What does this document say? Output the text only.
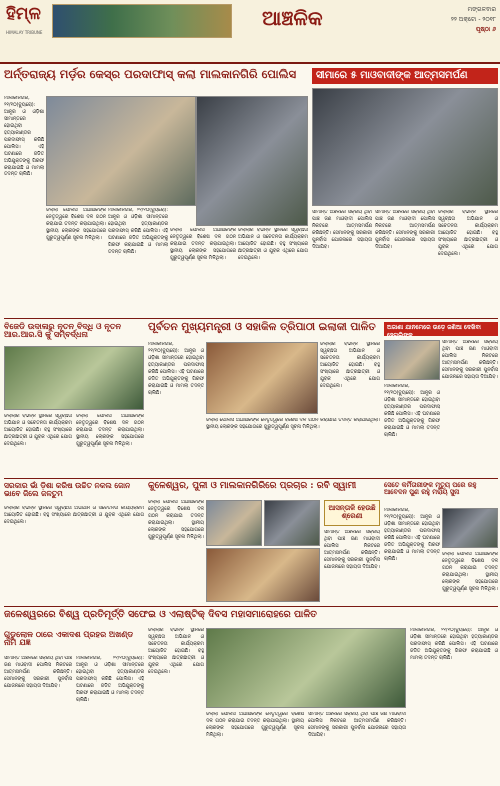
ହିମ୍ଳ
HIMALAY TRIBUNE
ଆଞ୍ଚଳିକ	ମଙ୍ଗଳବାର
୨୨ ଅକ୍ଟୋ - ୨୦୧୮
ପୃଷ୍ଠା ୬
ଅର୍ନ୍ତରାଜ୍ୟ ମର୍ଡ଼ର କେସ୍‌ର ପରଦାଫାସ୍ କଲା ମାଲକାନଗିରି ପୋଲିସ
ମାଲକାନଗିରି, ୨୧/୧୦(ବ୍ୟୁରୋ): ଆନ୍ଧ୍ର ଓ ଓଡ଼ିଶା ସୀମାନ୍ତରେ ହୋଇଥିବା ହତ୍ୟାକାଣ୍ଡର ପରଦାଫାସ୍ କରିଛି ପୋଲିସ। ଏହି ଘଟଣାରେ ଜଡିତ ଅଭିଯୁକ୍ତଙ୍କୁ ଗିରଫ କରାଯାଇଛି ଓ ମାମଲା ତଦନ୍ତ ଚାଲିଛି।
ଜିଲ୍ଲା ପୋଲିସ ଅଧୀକ୍ଷକଙ୍କ ନେତୃତ୍ୱରେ ବିଶେଷ ଦଳ ଗଠନ କରାଯାଇ ତଦନ୍ତ କରାଯାଇଥିଲା। ସ୍ଥାନୀୟ ଲୋକଙ୍କ ସହଯୋଗରେ ଗୁରୁତ୍ୱପୂର୍ଣ୍ଣ ସୂଚନା ମିଳିଥିଲା।
ମାଲକାନଗିରି, ୨୧/୧୦(ବ୍ୟୁରୋ): ଆନ୍ଧ୍ର ଓ ଓଡ଼ିଶା ସୀମାନ୍ତରେ ହୋଇଥିବା ହତ୍ୟାକାଣ୍ଡର ପରଦାଫାସ୍ କରିଛି ପୋଲିସ। ଏହି ଘଟଣାରେ ଜଡିତ ଅଭିଯୁକ୍ତଙ୍କୁ ଗିରଫ କରାଯାଇଛି ଓ ମାମଲା ତଦନ୍ତ ଚାଲିଛି।
ଜିଲ୍ଲା ପୋଲିସ ଅଧୀକ୍ଷକଙ୍କ ନେତୃତ୍ୱରେ ବିଶେଷ ଦଳ ଗଠନ କରାଯାଇ ତଦନ୍ତ କରାଯାଇଥିଲା। ସ୍ଥାନୀୟ ଲୋକଙ୍କ ସହଯୋଗରେ ଗୁରୁତ୍ୱପୂର୍ଣ୍ଣ ସୂଚନା ମିଳିଥିଲା।
ଜିଲ୍ଲାର ବିଭିନ୍ନ ସ୍ଥାନରେ ସ୍ୱଚ୍ଛତା ଅଭିଯାନ ଓ ସଚେତନତା କାର୍ଯ୍ୟକ୍ରମ ଆୟୋଜିତ ହୋଇଛି। ବହୁ ସଂଖ୍ୟାରେ ଛାତ୍ରଛାତ୍ରୀ ଓ ଯୁବକ ଏଥିରେ ଯୋଗ ଦେଇଥିଲେ।
ସୀମାରେ ୫ ମାଓବାଦୀଙ୍କ ଆତ୍ମସମର୍ପଣ
ସୀମାନ୍ତ ଅଞ୍ଚଳରେ ସକ୍ରିୟ ଥିବା ପାଞ୍ଚ ଜଣ ମାଓବାଦୀ ପୋଲିସ ନିକଟରେ ଆତ୍ମସମର୍ପଣ କରିଛନ୍ତି। ସେମାନଙ୍କୁ ସରକାରୀ ପୁନର୍ବାସ ଯୋଜନାରେ ସହାୟତା ଦିଆଯିବ।
ସୀମାନ୍ତ ଅଞ୍ଚଳରେ ସକ୍ରିୟ ଥିବା ପାଞ୍ଚ ଜଣ ମାଓବାଦୀ ପୋଲିସ ନିକଟରେ ଆତ୍ମସମର୍ପଣ କରିଛନ୍ତି। ସେମାନଙ୍କୁ ସରକାରୀ ପୁନର୍ବାସ ଯୋଜନାରେ ସହାୟତା ଦିଆଯିବ।
ଜିଲ୍ଲାର ବିଭିନ୍ନ ସ୍ଥାନରେ ସ୍ୱଚ୍ଛତା ଅଭିଯାନ ଓ ସଚେତନତା କାର୍ଯ୍ୟକ୍ରମ ଆୟୋଜିତ ହୋଇଛି। ବହୁ ସଂଖ୍ୟାରେ ଛାତ୍ରଛାତ୍ରୀ ଓ ଯୁବକ ଏଥିରେ ଯୋଗ ଦେଇଥିଲେ।
ବିଜେଡି ଉଦାଳାରୁ ନୂତନ ବିଦ୍ଧି ଓ ନୂତନ ଆର.ଆର.ସି କୁ ସମ୍ବର୍ଦ୍ଧନା
ଜିଲ୍ଲାର ବିଭିନ୍ନ ସ୍ଥାନରେ ସ୍ୱଚ୍ଛତା ଅଭିଯାନ ଓ ସଚେତନତା କାର୍ଯ୍ୟକ୍ରମ ଆୟୋଜିତ ହୋଇଛି। ବହୁ ସଂଖ୍ୟାରେ ଛାତ୍ରଛାତ୍ରୀ ଓ ଯୁବକ ଏଥିରେ ଯୋଗ ଦେଇଥିଲେ।
ଜିଲ୍ଲା ପୋଲିସ ଅଧୀକ୍ଷକଙ୍କ ନେତୃତ୍ୱରେ ବିଶେଷ ଦଳ ଗଠନ କରାଯାଇ ତଦନ୍ତ କରାଯାଇଥିଲା। ସ୍ଥାନୀୟ ଲୋକଙ୍କ ସହଯୋଗରେ ଗୁରୁତ୍ୱପୂର୍ଣ୍ଣ ସୂଚନା ମିଳିଥିଲା।
ପୂର୍ବତନ ମୁଖ୍ୟମନ୍ତ୍ରୀ ଓ ସହାକିଳ ତ୍ରିପାଠୀ ଇଲାକୀ ପାଳିତ
ମାଲକାନଗିରି, ୨୧/୧୦(ବ୍ୟୁରୋ): ଆନ୍ଧ୍ର ଓ ଓଡ଼ିଶା ସୀମାନ୍ତରେ ହୋଇଥିବା ହତ୍ୟାକାଣ୍ଡର ପରଦାଫାସ୍ କରିଛି ପୋଲିସ। ଏହି ଘଟଣାରେ ଜଡିତ ଅଭିଯୁକ୍ତଙ୍କୁ ଗିରଫ କରାଯାଇଛି ଓ ମାମଲା ତଦନ୍ତ ଚାଲିଛି।
ଜିଲ୍ଲାର ବିଭିନ୍ନ ସ୍ଥାନରେ ସ୍ୱଚ୍ଛତା ଅଭିଯାନ ଓ ସଚେତନତା କାର୍ଯ୍ୟକ୍ରମ ଆୟୋଜିତ ହୋଇଛି। ବହୁ ସଂଖ୍ୟାରେ ଛାତ୍ରଛାତ୍ରୀ ଓ ଯୁବକ ଏଥିରେ ଯୋଗ ଦେଇଥିଲେ।
ଜିଲ୍ଲା ପୋଲିସ ଅଧୀକ୍ଷକଙ୍କ ନେତୃତ୍ୱରେ ବିଶେଷ ଦଳ ଗଠନ କରାଯାଇ ତଦନ୍ତ କରାଯାଇଥିଲା। ସ୍ଥାନୀୟ ଲୋକଙ୍କ ସହଯୋଗରେ ଗୁରୁତ୍ୱପୂର୍ଣ୍ଣ ସୂଚନା ମିଳିଥିଲା।
ଅଜାଣା ଯାନମେରେ ଉଡ଼େ ଜଣିଆ ଦେଖିବା ହେଗୁଲିଙ୍କ
ସୀମାନ୍ତ ଅଞ୍ଚଳରେ ସକ୍ରିୟ ଥିବା ପାଞ୍ଚ ଜଣ ମାଓବାଦୀ ପୋଲିସ ନିକଟରେ ଆତ୍ମସମର୍ପଣ କରିଛନ୍ତି। ସେମାନଙ୍କୁ ସରକାରୀ ପୁନର୍ବାସ ଯୋଜନାରେ ସହାୟତା ଦିଆଯିବ।
ମାଲକାନଗିରି, ୨୧/୧୦(ବ୍ୟୁରୋ): ଆନ୍ଧ୍ର ଓ ଓଡ଼ିଶା ସୀମାନ୍ତରେ ହୋଇଥିବା ହତ୍ୟାକାଣ୍ଡର ପରଦାଫାସ୍ କରିଛି ପୋଲିସ। ଏହି ଘଟଣାରେ ଜଡିତ ଅଭିଯୁକ୍ତଙ୍କୁ ଗିରଫ କରାଯାଇଛି ଓ ମାମଲା ତଦନ୍ତ ଚାଲିଛି।
ସରକାର ଭାଁ ଡ଼ିଶା କରିଷ ଉଚ୍ଚିତ ନକଲ ଜୋନ ଭାବେ ଜିଲେ ଜଳତୁମ
ଜିଲ୍ଲାର ବିଭିନ୍ନ ସ୍ଥାନରେ ସ୍ୱଚ୍ଛତା ଅଭିଯାନ ଓ ସଚେତନତା କାର୍ଯ୍ୟକ୍ରମ ଆୟୋଜିତ ହୋଇଛି। ବହୁ ସଂଖ୍ୟାରେ ଛାତ୍ରଛାତ୍ରୀ ଓ ଯୁବକ ଏଥିରେ ଯୋଗ ଦେଇଥିଲେ।
କୁଳେଶ୍ୱର, ପୁଳୀ ଓ ମାଲକାନଗିରିରେ ପ୍ରଚାର : ରବି ସ୍ୱାମୀ
ଜିଲ୍ଲା ପୋଲିସ ଅଧୀକ୍ଷକଙ୍କ ନେତୃତ୍ୱରେ ବିଶେଷ ଦଳ ଗଠନ କରାଯାଇ ତଦନ୍ତ କରାଯାଇଥିଲା। ସ୍ଥାନୀୟ ଲୋକଙ୍କ ସହଯୋଗରେ ଗୁରୁତ୍ୱପୂର୍ଣ୍ଣ ସୂଚନା ମିଳିଥିଲା।
ଆସନ୍ତାଳି ହେଉଛି ଶ୍ରେଣୀ
ସୀମାନ୍ତ ଅଞ୍ଚଳରେ ସକ୍ରିୟ ଥିବା ପାଞ୍ଚ ଜଣ ମାଓବାଦୀ ପୋଲିସ ନିକଟରେ ଆତ୍ମସମର୍ପଣ କରିଛନ୍ତି। ସେମାନଙ୍କୁ ସରକାରୀ ପୁନର୍ବାସ ଯୋଜନାରେ ସହାୟତା ଦିଆଯିବ।
ସେତେ କର୍ମିତାରୀଙ୍କ ମୃତ୍ୟୁ ପରେ ରହୁ ଆବେଦନ ପୁଣ ରହୁ ମରାୟ ସୁନା
ମାଲକାନଗିରି, ୨୧/୧୦(ବ୍ୟୁରୋ): ଆନ୍ଧ୍ର ଓ ଓଡ଼ିଶା ସୀମାନ୍ତରେ ହୋଇଥିବା ହତ୍ୟାକାଣ୍ଡର ପରଦାଫାସ୍ କରିଛି ପୋଲିସ। ଏହି ଘଟଣାରେ ଜଡିତ ଅଭିଯୁକ୍ତଙ୍କୁ ଗିରଫ କରାଯାଇଛି ଓ ମାମଲା ତଦନ୍ତ ଚାଲିଛି।
ଜିଲ୍ଲା ପୋଲିସ ଅଧୀକ୍ଷକଙ୍କ ନେତୃତ୍ୱରେ ବିଶେଷ ଦଳ ଗଠନ କରାଯାଇ ତଦନ୍ତ କରାଯାଇଥିଲା। ସ୍ଥାନୀୟ ଲୋକଙ୍କ ସହଯୋଗରେ ଗୁରୁତ୍ୱପୂର୍ଣ୍ଣ ସୂଚନା ମିଳିଥିଲା।
ଜଳେଶ୍ୱରରେ ବିଶ୍ୱ ପ୍ରତିମୂର୍ତ୍ତି ସଫେଇ ଓ ଏଲାଷ୍ଟିକ୍ ଦିବସ ମହାସମାରୋହରେ ପାଳିତ
ଜିଲ୍ଲାର ବିଭିନ୍ନ ସ୍ଥାନରେ ସ୍ୱଚ୍ଛତା ଅଭିଯାନ ଓ ସଚେତନତା କାର୍ଯ୍ୟକ୍ରମ ଆୟୋଜିତ ହୋଇଛି। ବହୁ ସଂଖ୍ୟାରେ ଛାତ୍ରଛାତ୍ରୀ ଓ ଯୁବକ ଏଥିରେ ଯୋଗ ଦେଇଥିଲେ।
ଜିଲ୍ଲା ପୋଲିସ ଅଧୀକ୍ଷକଙ୍କ ନେତୃତ୍ୱରେ ବିଶେଷ ଦଳ ଗଠନ କରାଯାଇ ତଦନ୍ତ କରାଯାଇଥିଲା। ସ୍ଥାନୀୟ ଲୋକଙ୍କ ସହଯୋଗରେ ଗୁରୁତ୍ୱପୂର୍ଣ୍ଣ ସୂଚନା ମିଳିଥିଲା।
ସୀମାନ୍ତ ଅଞ୍ଚଳରେ ସକ୍ରିୟ ଥିବା ପାଞ୍ଚ ଜଣ ମାଓବାଦୀ ପୋଲିସ ନିକଟରେ ଆତ୍ମସମର୍ପଣ କରିଛନ୍ତି। ସେମାନଙ୍କୁ ସରକାରୀ ପୁନର୍ବାସ ଯୋଜନାରେ ସହାୟତା ଦିଆଯିବ।
ମାଲକାନଗିରି, ୨୧/୧୦(ବ୍ୟୁରୋ): ଆନ୍ଧ୍ର ଓ ଓଡ଼ିଶା ସୀମାନ୍ତରେ ହୋଇଥିବା ହତ୍ୟାକାଣ୍ଡର ପରଦାଫାସ୍ କରିଛି ପୋଲିସ। ଏହି ଘଟଣାରେ ଜଡିତ ଅଭିଯୁକ୍ତଙ୍କୁ ଗିରଫ କରାଯାଇଛି ଓ ମାମଲା ତଦନ୍ତ ଚାଲିଛି।
ଗୁଡୁଲୋଳ ଠାରେ ଏକାଦଶ ପ୍ରହର ଅଖଣ୍ଡ ନାମ ଯଜ୍ଞ
ସୀମାନ୍ତ ଅଞ୍ଚଳରେ ସକ୍ରିୟ ଥିବା ପାଞ୍ଚ ଜଣ ମାଓବାଦୀ ପୋଲିସ ନିକଟରେ ଆତ୍ମସମର୍ପଣ କରିଛନ୍ତି। ସେମାନଙ୍କୁ ସରକାରୀ ପୁନର୍ବାସ ଯୋଜନାରେ ସହାୟତା ଦିଆଯିବ।
ମାଲକାନଗିରି, ୨୧/୧୦(ବ୍ୟୁରୋ): ଆନ୍ଧ୍ର ଓ ଓଡ଼ିଶା ସୀମାନ୍ତରେ ହୋଇଥିବା ହତ୍ୟାକାଣ୍ଡର ପରଦାଫାସ୍ କରିଛି ପୋଲିସ। ଏହି ଘଟଣାରେ ଜଡିତ ଅଭିଯୁକ୍ତଙ୍କୁ ଗିରଫ କରାଯାଇଛି ଓ ମାମଲା ତଦନ୍ତ ଚାଲିଛି।
